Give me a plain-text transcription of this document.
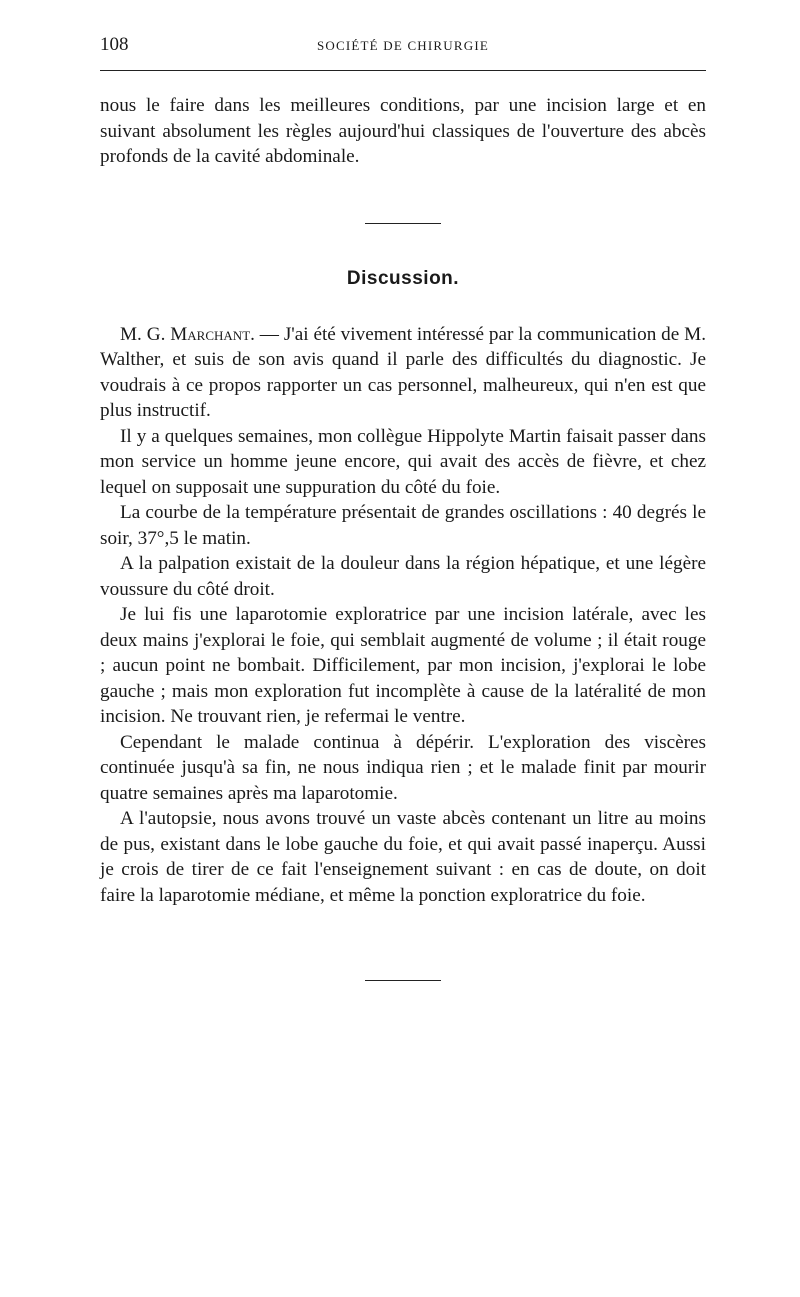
108	SOCIÉTÉ DE CHIRURGIE

nous le faire dans les meilleures conditions, par une incision large et en suivant absolument les règles aujourd'hui classiques de l'ouverture des abcès profonds de la cavité abdominale.

Discussion.

M. G. Marchant. — J'ai été vivement intéressé par la communication de M. Walther, et suis de son avis quand il parle des difficultés du diagnostic. Je voudrais à ce propos rapporter un cas personnel, malheureux, qui n'en est que plus instructif.

Il y a quelques semaines, mon collègue Hippolyte Martin faisait passer dans mon service un homme jeune encore, qui avait des accès de fièvre, et chez lequel on supposait une suppuration du côté du foie.

La courbe de la température présentait de grandes oscillations : 40 degrés le soir, 37°,5 le matin.

A la palpation existait de la douleur dans la région hépatique, et une légère voussure du côté droit.

Je lui fis une laparotomie exploratrice par une incision latérale, avec les deux mains j'explorai le foie, qui semblait augmenté de volume ; il était rouge ; aucun point ne bombait. Difficilement, par mon incision, j'explorai le lobe gauche ; mais mon exploration fut incomplète à cause de la latéralité de mon incision. Ne trouvant rien, je refermai le ventre.

Cependant le malade continua à dépérir. L'exploration des viscères continuée jusqu'à sa fin, ne nous indiqua rien ; et le malade finit par mourir quatre semaines après ma laparotomie.

A l'autopsie, nous avons trouvé un vaste abcès contenant un litre au moins de pus, existant dans le lobe gauche du foie, et qui avait passé inaperçu. Aussi je crois de tirer de ce fait l'enseignement suivant : en cas de doute, on doit faire la laparotomie médiane, et même la ponction exploratrice du foie.
